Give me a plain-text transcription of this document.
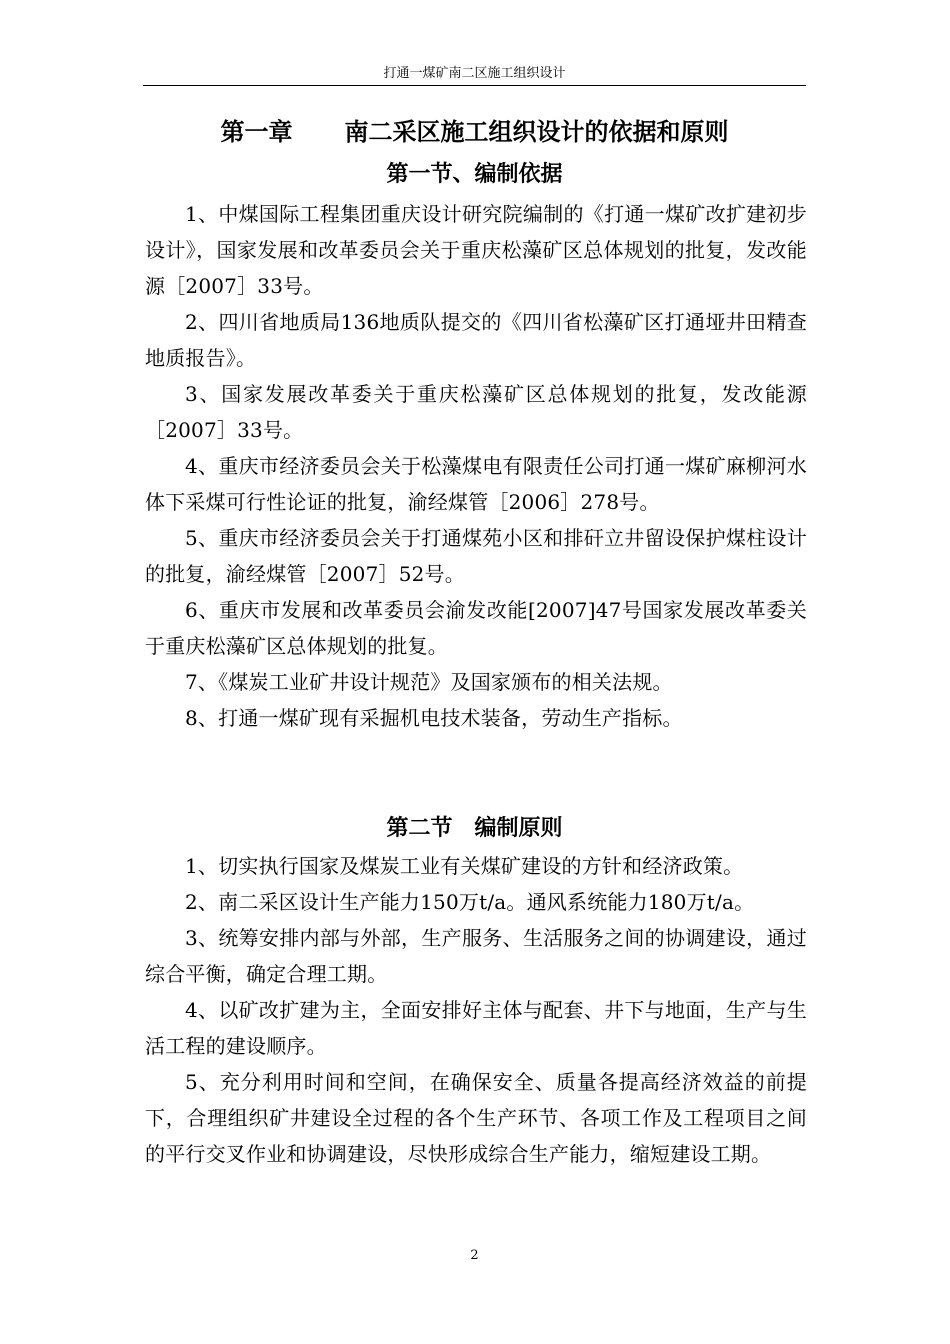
打通一煤矿南二区施工组织设计
第一章 南二采区施工组织设计的依据和原则
第一节、编制依据

1、中煤国际工程集团重庆设计研究院编制的《打通一煤矿改扩建初步设计》，国家发展和改革委员会关于重庆松藻矿区总体规划的批复，发改能源［2007］33号。

2、四川省地质局136地质队提交的《四川省松藻矿区打通垭井田精查地质报告》。

3、国家发展改革委关于重庆松藻矿区总体规划的批复，发改能源［2007］33号。

4、重庆市经济委员会关于松藻煤电有限责任公司打通一煤矿麻柳河水体下采煤可行性论证的批复，渝经煤管［2006］278号。

5、重庆市经济委员会关于打通煤苑小区和排矸立井留设保护煤柱设计的批复，渝经煤管［2007］52号。

6、重庆市发展和改革委员会渝发改能[2007]47号国家发展改革委关于重庆松藻矿区总体规划的批复。

7、《煤炭工业矿井设计规范》及国家颁布的相关法规。

8、打通一煤矿现有采掘机电技术装备，劳动生产指标。

第二节 编制原则

1、切实执行国家及煤炭工业有关煤矿建设的方针和经济政策。

2、南二采区设计生产能力150万t/a。通风系统能力180万t/a。

3、统筹安排内部与外部，生产服务、生活服务之间的协调建设，通过综合平衡，确定合理工期。

4、以矿改扩建为主，全面安排好主体与配套、井下与地面，生产与生活工程的建设顺序。

5、充分利用时间和空间，在确保安全、质量各提高经济效益的前提下，合理组织矿井建设全过程的各个生产环节、各项工作及工程项目之间的平行交叉作业和协调建设，尽快形成综合生产能力，缩短建设工期。

2
